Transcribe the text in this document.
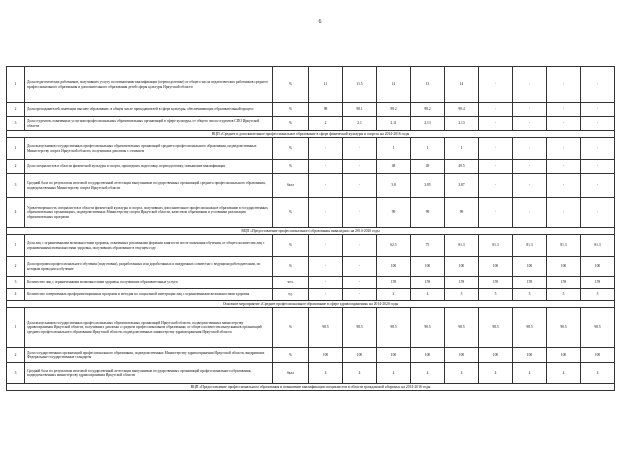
6
1	Доля педагогических работников, получивших услугу по повышению квалификации (переподготовке) от общего числа педагогических работников среднего профессионального образования и дополнительного образования детей сферы культуры Иркутской области	%	11	11.5	12	13	14	-	-	-	-
2	Доля преподавателей, имеющих высшее образование, в общем числе преподавателей в сфере культуры, обеспечивающих образовательный процесс	%	98	98.1	98.2	98.2	98.4	-	-	-	-
3	Доля студентов, охваченных услугами профессиональных образовательных организаций в сфере культуры, от общего числа студентов СПО Иркутской области	%	2	2.1	2.11	2.13	2.13	-	-	-	-
ВЦП «Среднее и дополнительное профессиональное образование в сфере физической культуры и спорта» на 2014-2016 годы											
1	Доля выпускников государственных профессиональных образовательных организаций среднего профессионального образования, подведомственных Министерству спорта Иркутской области, получивших дипломы с отличием	%	-	-	1	1	1	-	-	-	-
2	Доля специалистов в области физической культуры и спорта, прошедших подготовку, переподготовку, повышение квалификации	%	-	-	48	49	49.5	-	-	-	-
3	Средний балл по результатам итоговой государственной аттестации выпускников государственных организаций среднего профессионального образования, подведомственных Министерству спорта Иркутской области	балл	-	-	3.8	3.85	3.87	-	-	-	-
4	Удовлетворенность специалистов в области физической культуры и спорта, получивших дополнительное профессиональное образование в государственных образовательных организациях, подведомственных Министерству спорта Иркутской области, качеством образования и условиями реализации образовательных программ	%	-	-	99	99	99	-	-	-	-
ВЦП «Предоставление профессионального образования инвалидам» на 2014-2020 годы											
1	Доля лиц с ограниченными возможностями здоровья, охваченных различными формами занятости после окончания обучения, от общего количества лиц с ограниченными возможностями здоровья, получивших образование в текущем году	%	-	-	62.5	75	81.3	81.3	81.3	81.3	81.3
2	Доля программ профессионального обучения (подготовки), разработанных или доработанных и внедренных совместно с ведущими работодателями, по которым проводится обучение	%	-	-	100	100	100	100	100	100	100
3	Количество лиц с ограниченными возможностями здоровья, получивших образовательные услуги	чел.	-	-	159	159	159	159	159	159	159
4	Количество совершенных профориентационных программ и методик по социальной интеграции лиц с ограниченными возможностями здоровья	ед.	-	-	2	4	5	5	5	5	5
Основное мероприятие «Среднее профессиональное образование в сфере здравоохранения» на 2014-2020 годы											
1	Доля выпускников государственных профессиональных образовательных организаций Иркутской области, подведомственных министерству здравоохранения Иркутской области, получивших дипломы о среднем профессиональном образовании, от общего количества выпускников организаций среднего профессионального образования Иркутской области, подведомственных министерству здравоохранения Иркутской области	%	98.5	98.5	98.5	98.5	98.5	98.5	98.5	98.5	98.5
2	Доля государственных организаций профессионального образования, подведомственных Министерству здравоохранения Иркутской области, внедривших Федеральные государственные стандарты	%	100	100	100	100	100	100	100	100	100
3	Средний балл по результатам итоговой государственной аттестации выпускников государственных организаций профессионального образования, подведомственных министерству здравоохранения Иркутской области	балл	4	4	4	4	4	4	4	4	4
ВЦП «Предоставление профессионального образования и повышение квалификации специалистов в области гражданской обороны» на 2014-2016 годы											
